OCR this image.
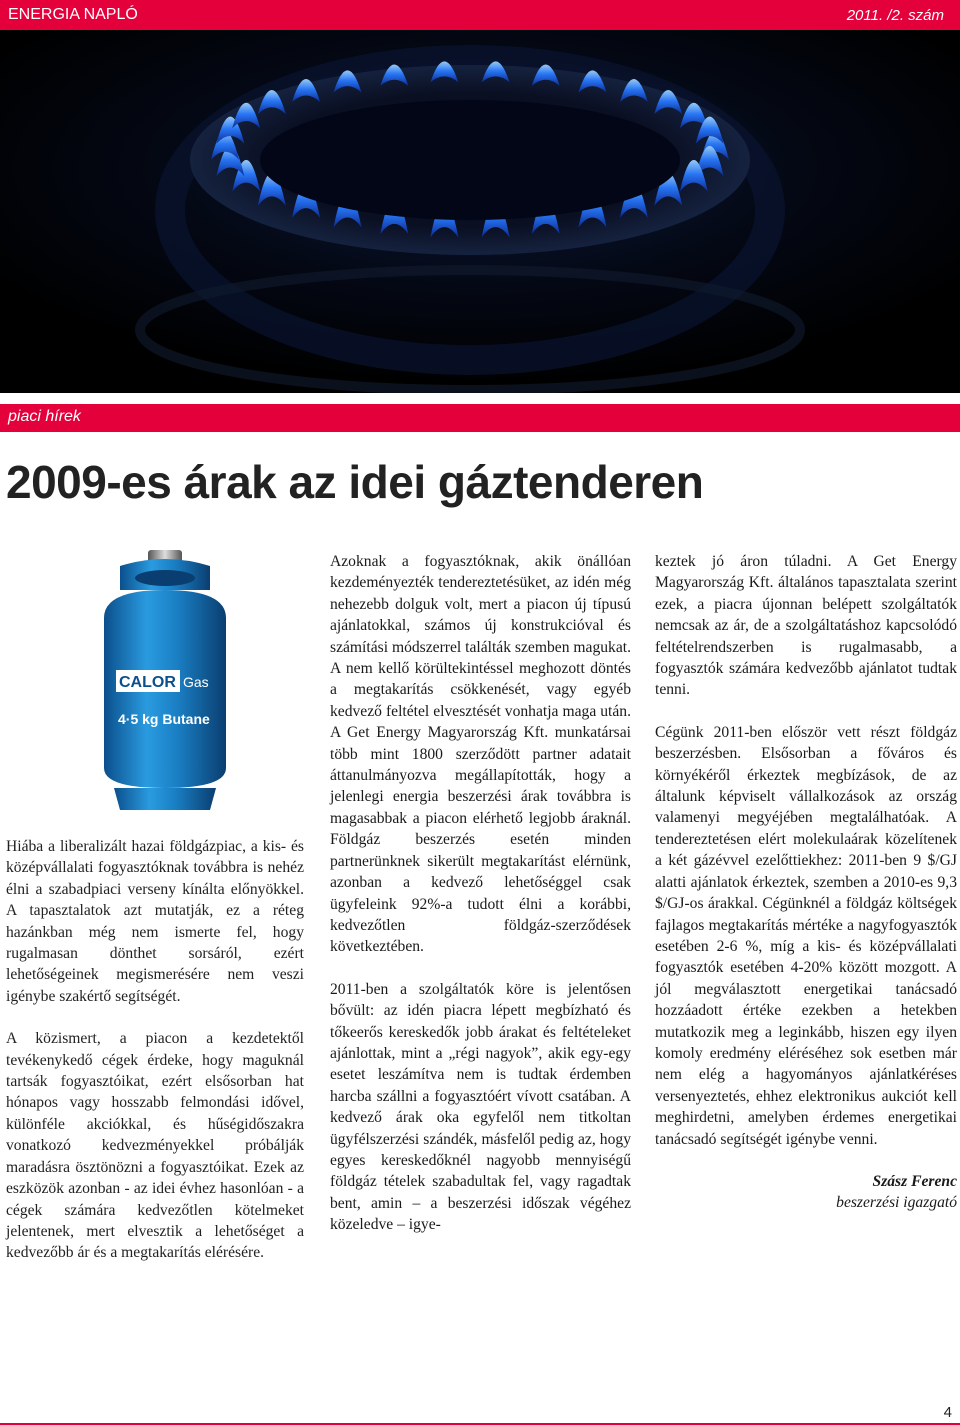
ENERGIA NAPLÓ	2011. /2. szám
piaci hírek
2009-es árak az idei gáztenderen
CALOR Gas
4·5 kg Butane

Hiába a liberalizált hazai földgázpiac, a kis- és középvállalati fogyasztóknak továbbra is nehéz élni a szabadpiaci verseny kínálta előnyökkel. A tapasztalatok azt mutatják, ez a réteg hazánkban még nem ismerte fel, hogy rugalmasan dönthet sorsáról, ezért lehetőségeinek megismerésére nem veszi igénybe szakértő segítségét.

A közismert, a piacon a kezdetektől tevékenykedő cégek érdeke, hogy maguknál tartsák fogyasztóikat, ezért elsősorban hat hónapos vagy hosszabb felmondási idővel, különféle akciókkal, és hűségidőszakra vonatkozó kedvezményekkel próbálják maradásra ösztönözni a fogyasztóikat. Ezek az eszközök azonban - az idei évhez hasonlóan - a cégek számára kedvezőtlen kötelmeket jelentenek, mert elvesztik a lehetőséget a kedvezőbb ár és a megtakarítás elérésére.

Azoknak a fogyasztóknak, akik önállóan kezdeményezték tendereztetésüket, az idén még nehezebb dolguk volt, mert a piacon új típusú ajánlatokkal, számos új konstrukcióval és számítási módszerrel találták szemben magukat. A nem kellő körültekintéssel meghozott döntés a megtakarítás csökkenését, vagy egyéb kedvező feltétel elvesztését vonhatja maga után. A Get Energy Magyarország Kft. munkatársai több mint 1800 szerződött partner adatait áttanulmányozva megállapították, hogy a jelenlegi energia beszerzési árak továbbra is magasabbak a piacon elérhető legjobb áraknál. Földgáz beszerzés esetén minden partnerünknek sikerült megtakarítást elérnünk, azonban a kedvező lehetőséggel csak ügyfeleink 92%-a tudott élni a korábbi, kedvezőtlen földgáz-szerződések következtében.

2011-ben a szolgáltatók köre is jelentősen bővült: az idén piacra lépett megbízható és tőkeerős kereskedők jobb árakat és feltételeket ajánlottak, mint a „régi nagyok”, akik egy-egy esetet leszámítva nem is tudtak érdemben harcba szállni a fogyasztóért vívott csatában. A kedvező árak oka egyfelől nem titkoltan ügyfélszerzési szándék, másfelől pedig az, hogy egyes kereskedőknél nagyobb mennyiségű földgáz tételek szabadultak fel, vagy ragadtak bent, amin – a beszerzési időszak végéhez közeledve – igye-

keztek jó áron túladni. A Get Energy Magyarország Kft. általános tapasztalata szerint ezek, a piacra újonnan belépett szolgáltatók nemcsak az ár, de a szolgáltatáshoz kapcsolódó feltételrendszerben is rugalmasabb, a fogyasztók számára kedvezőbb ajánlatot tudtak tenni.

Cégünk 2011-ben először vett részt földgáz beszerzésben. Elsősorban a főváros és környékéről érkeztek megbízások, de az általunk képviselt vállalkozások az ország valamenyi megyéjében megtalálhatóak. A tendereztetésen elért molekulaárak közelítenek a két gázévvel ezelőttiekhez: 2011-ben 9 $/GJ alatti ajánlatok érkeztek, szemben a 2010-es 9,3 $/GJ-os árakkal. Cégünknél a földgáz költségek fajlagos megtakarítás mértéke a nagyfogyasztók esetében 2-6 %, míg a kis- és középvállalati fogyasztók esetében 4-20% között mozgott. A jól megválasztott energetikai tanácsadó hozzáadott értéke ezekben a hetekben mutatkozik meg a leginkább, hiszen egy ilyen komoly eredmény eléréséhez sok esetben már nem elég a hagyományos ajánlatkéréses versenyeztetés, ehhez elektronikus aukciót kell meghirdetni, amelyben érdemes energetikai tanácsadó segítségét igénybe venni.

Szász Ferenc
beszerzési igazgató
4
